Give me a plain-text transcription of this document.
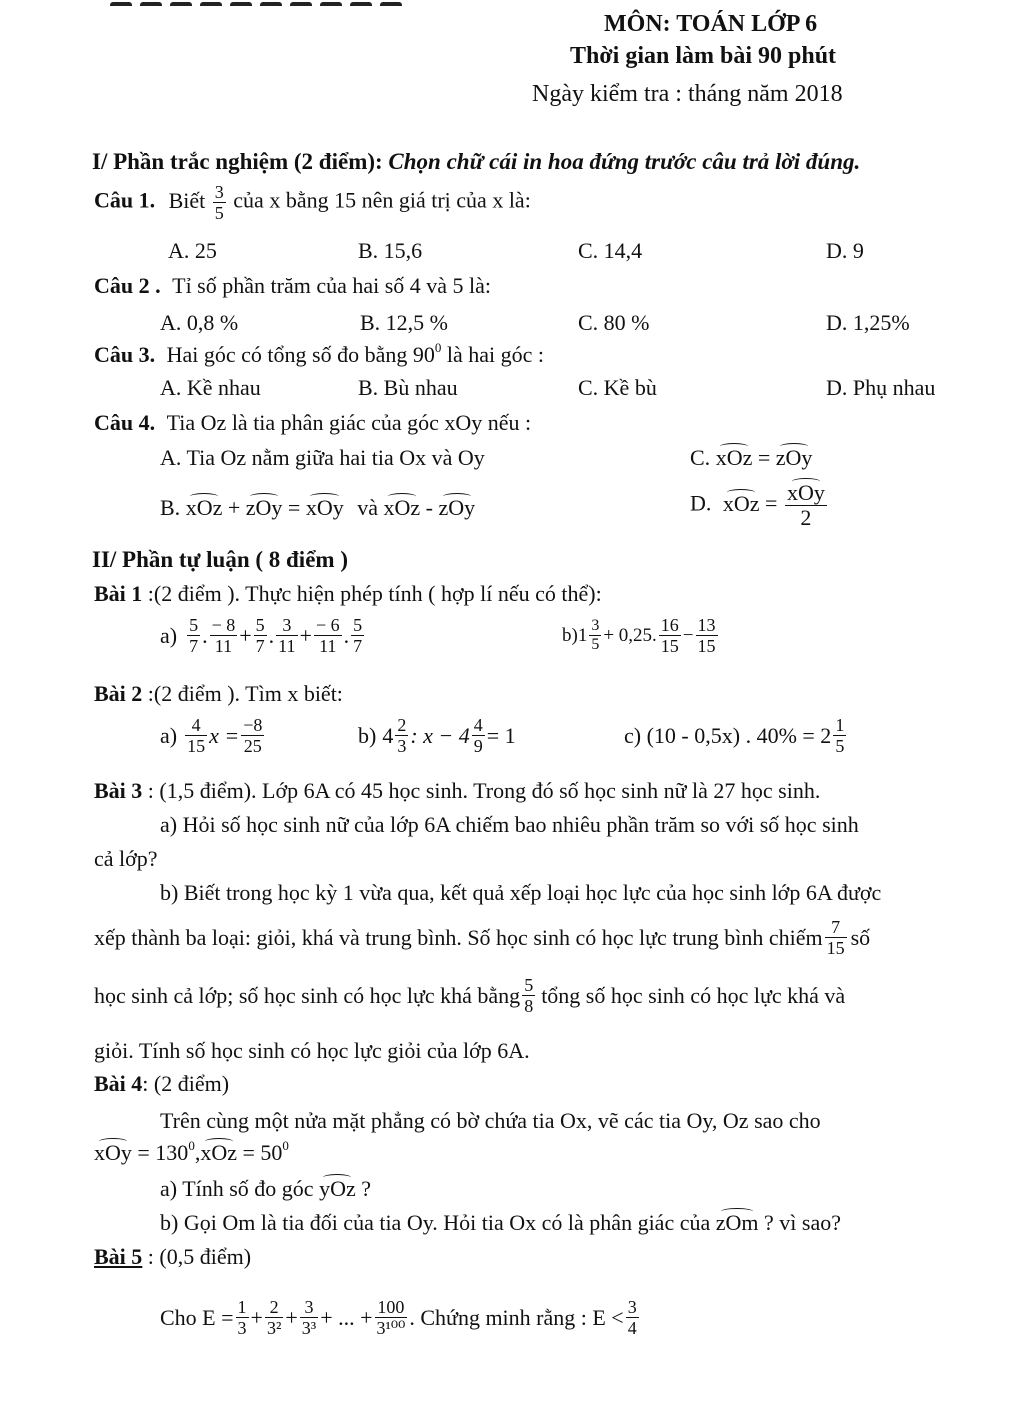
MÔN: TOÁN LỚP 6
Thời gian làm bài 90 phút
Ngày kiểm tra : tháng năm 2018
I/ Phần trắc nghiệm (2 điểm): Chọn chữ cái in hoa đứng trước câu trả lời đúng.
Câu 1. Biết $\frac{3}{5}$ của x bằng 15 nên giá trị của x là:
A. 25	B. 15,6	C. 14,4	D. 9
Câu 2 . Tỉ số phần trăm của hai số 4 và 5 là:
A. 0,8 %	B. 12,5 %	C. 80 %	D. 1,25%
Câu 3. Hai góc có tổng số đo bằng $90^0$ là hai góc :
A. Kề nhau	B. Bù nhau	C. Kề bù	D. Phụ nhau
Câu 4. Tia Oz là tia phân giác của góc xOy nếu :
A. Tia Oz nằm giữa hai tia Ox và Oy	C. xOz = zOy
B. xOz + zOy = xOy và xOz - zOy	D. xOz = $\frac{\text{xOy}}{2}$
II/ Phần tự luận ( 8 điểm )
Bài 1 :(2 điểm ). Thực hiện phép tính ( hợp lí nếu có thể):
$a) \frac{5}{7}$ . $\frac{- 8}{11} + \frac{5}{7}$ . $\frac{3}{11} + \frac{- 6}{11}$ . $\frac{5}{7}$	b) $1 \frac{3}{5} + 0,25$. $\frac{16}{15} - \frac{13}{15}$
Bài 2 :(2 điểm ). Tìm x biết:
$a) \frac{4}{15}$ $x = \frac{-8}{25}$	b) $4 \frac{2}{3}$ : $x - 4 \frac{4}{9} = 1$	c) (10 - 0,5x) . $40\% = 2 \frac{1}{5}$
Bài 3 : (1,5 điểm). Lớp 6A có 45 học sinh. Trong đó số học sinh nữ là 27 học sinh.
a) Hỏi số học sinh nữ của lớp 6A chiếm bao nhiêu phần trăm so với số học sinh
cả lớp?
b) Biết trong học kỳ 1 vừa qua, kết quả xếp loại học lực của học sinh lớp 6A được
xếp thành ba loại: giỏi, khá và trung bình. Số học sinh có học lực trung bình chiếm $\frac{7}{15}$ số
học sinh cả lớp; số học sinh có học lực khá bằng $\frac{5}{8}$ tổng số học sinh có học lực khá và
giỏi. Tính số học sinh có học lực giỏi của lớp 6A.
Bài 4: (2 điểm)
Trên cùng một nửa mặt phẳng có bờ chứa tia Ox, vẽ các tia Oy, Oz sao cho
xOy = $130^0,xOz = 50^0$
a) Tính số đo góc yOz ?
b) Gọi Om là tia đối của tia Oy. Hỏi tia Ox có là phân giác của zOm ? vì sao?
Bài 5 : (0,5 điểm)
Cho $E = \frac{1}{3} + \frac{2}{\text{3²}} + \frac{3}{\text{3³}}$ + ... + $\frac{100}{\text{3¹⁰⁰}}$ . Chứng minh rằng : $E < \frac{3}{4}$
